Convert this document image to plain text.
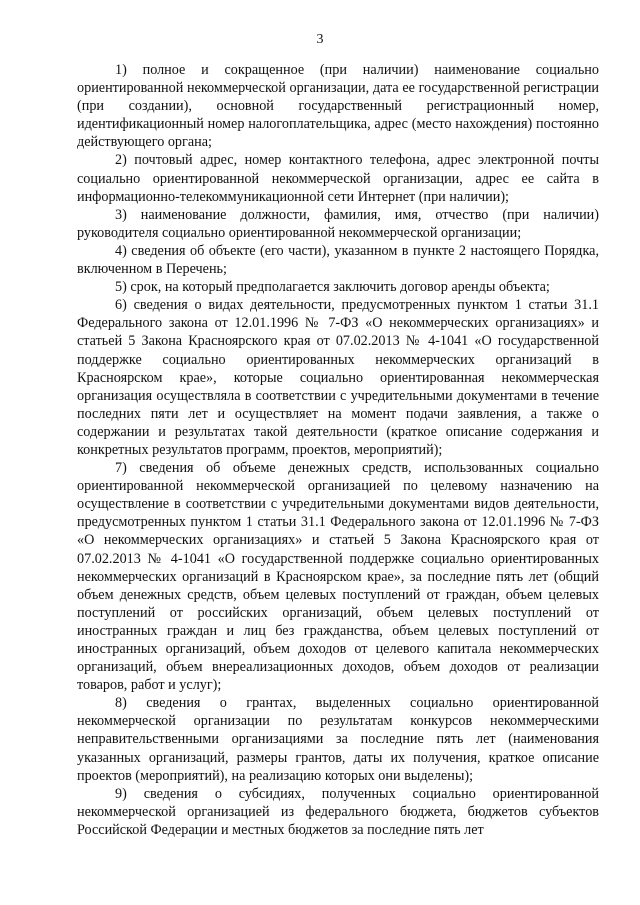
3

1) полное и сокращенное (при наличии) наименование социально ориентированной некоммерческой организации, дата ее государственной регистрации (при создании), основной государственный регистрационный номер, идентификационный номер налогоплательщика, адрес (место нахождения) постоянно действующего органа;

2) почтовый адрес, номер контактного телефона, адрес электронной почты социально ориентированной некоммерческой организации, адрес ее сайта в информационно-телекоммуникационной сети Интернет (при наличии);

3) наименование должности, фамилия, имя, отчество (при наличии) руководителя социально ориентированной некоммерческой организации;

4) сведения об объекте (его части), указанном в пункте 2 настоящего Порядка, включенном в Перечень;

5) срок, на который предполагается заключить договор аренды объекта;

6) сведения о видах деятельности, предусмотренных пунктом 1 статьи 31.1 Федерального закона от 12.01.1996 № 7-ФЗ «О некоммерческих организациях» и статьей 5 Закона Красноярского края от 07.02.2013 № 4-1041 «О государственной поддержке социально ориентированных некоммерческих организаций в Красноярском крае», которые социально ориентированная некоммерческая организация осуществляла в соответствии с учредительными документами в течение последних пяти лет и осуществляет на момент подачи заявления, а также о содержании и результатах такой деятельности (краткое описание содержания и конкретных результатов программ, проектов, мероприятий);

7) сведения об объеме денежных средств, использованных социально ориентированной некоммерческой организацией по целевому назначению на осуществление в соответствии с учредительными документами видов деятельности, предусмотренных пунктом 1 статьи 31.1 Федерального закона от 12.01.1996 № 7-ФЗ «О некоммерческих организациях» и статьей 5 Закона Красноярского края от 07.02.2013 № 4-1041 «О государственной поддержке социально ориентированных некоммерческих организаций в Красноярском крае», за последние пять лет (общий объем денежных средств, объем целевых поступлений от граждан, объем целевых поступлений от российских организаций, объем целевых поступлений от иностранных граждан и лиц без гражданства, объем целевых поступлений от иностранных организаций, объем доходов от целевого капитала некоммерческих организаций, объем внереализационных доходов, объем доходов от реализации товаров, работ и услуг);

8) сведения о грантах, выделенных социально ориентированной некоммерческой организации по результатам конкурсов некоммерческими неправительственными организациями за последние пять лет (наименования указанных организаций, размеры грантов, даты их получения, краткое описание проектов (мероприятий), на реализацию которых они выделены);

9) сведения о субсидиях, полученных социально ориентированной некоммерческой организацией из федерального бюджета, бюджетов субъектов Российской Федерации и местных бюджетов за последние пять лет
